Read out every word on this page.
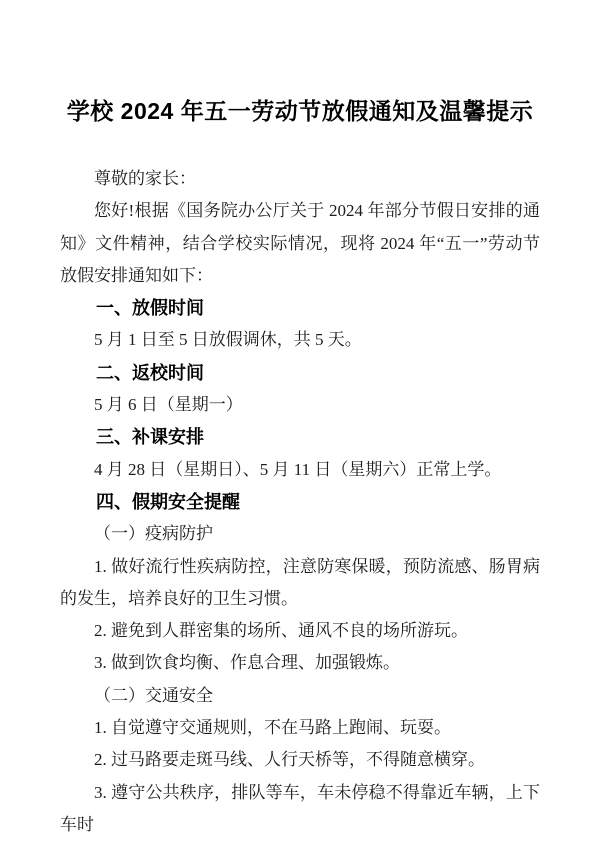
学校 2024 年五一劳动节放假通知及温馨提示
尊敬的家长：
您好!根据《国务院办公厅关于 2024 年部分节假日安排的通知》文件精神，结合学校实际情况，现将 2024 年“五一”劳动节放假安排通知如下：
一、放假时间
5 月 1 日至 5 日放假调休，共 5 天。
二、返校时间
5 月 6 日（星期一）
三、补课安排
4 月 28 日（星期日）、5 月 11 日（星期六）正常上学。
四、假期安全提醒
（一）疫病防护
1. 做好流行性疾病防控，注意防寒保暖，预防流感、肠胃病的发生，培养良好的卫生习惯。
2. 避免到人群密集的场所、通风不良的场所游玩。
3. 做到饮食均衡、作息合理、加强锻炼。
（二）交通安全
1. 自觉遵守交通规则，不在马路上跑闹、玩耍。
2. 过马路要走斑马线、人行天桥等，不得随意横穿。
3. 遵守公共秩序，排队等车，车未停稳不得靠近车辆，上下车时
